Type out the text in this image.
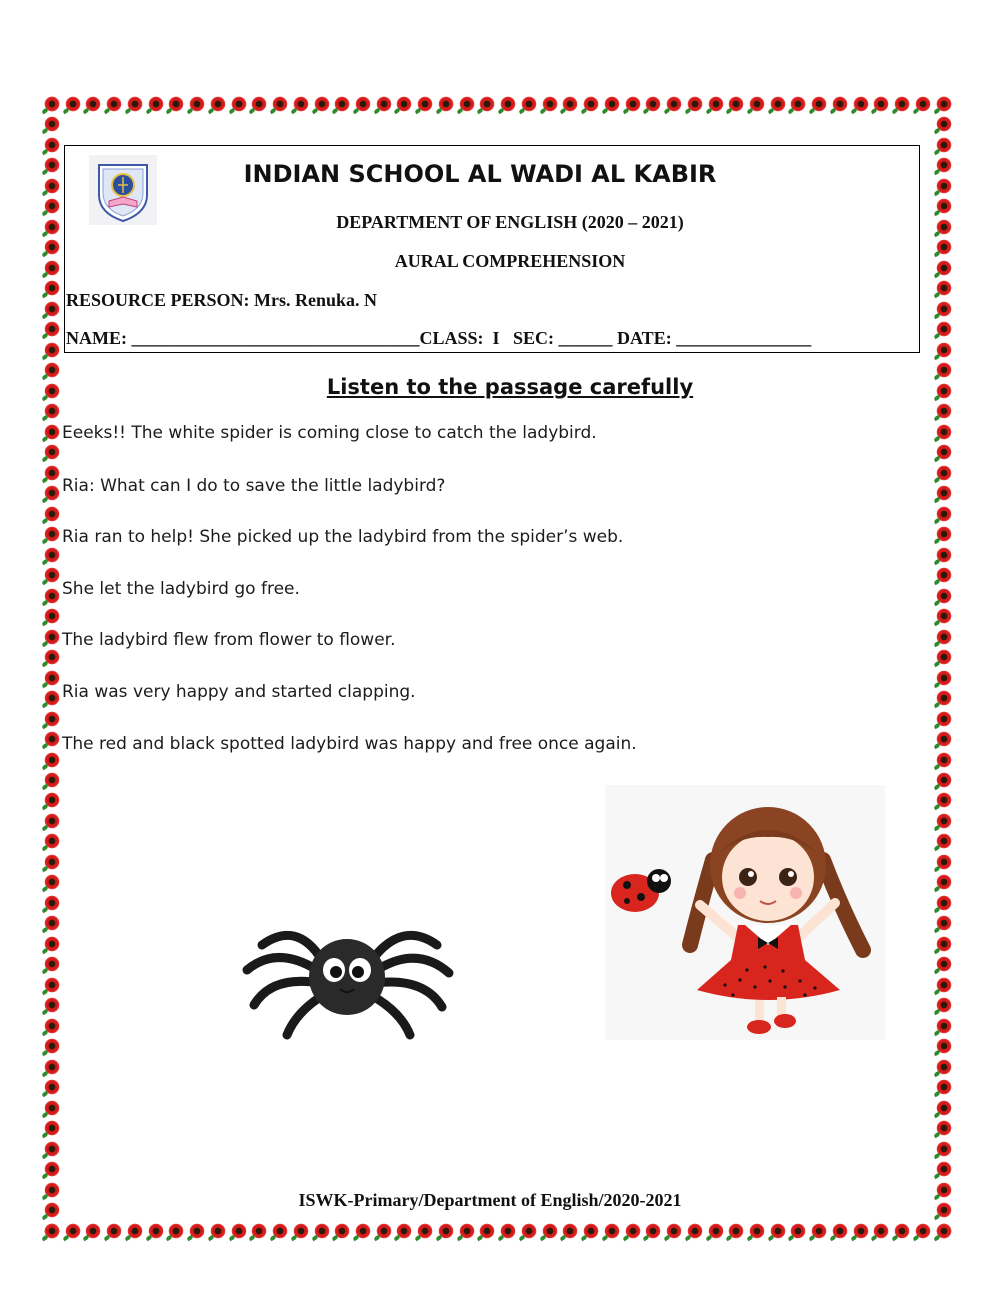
INDIAN SCHOOL AL WADI AL KABIR
DEPARTMENT OF ENGLISH (2020 – 2021)
AURAL COMPREHENSION
RESOURCE PERSON: Mrs. Renuka. N
NAME: ________________________________CLASS:  I   SEC: ______ DATE: _______________
Listen to the passage carefully
Eeeks!! The white spider is coming close to catch the ladybird.
Ria: What can I do to save the little ladybird?
Ria ran to help! She picked up the ladybird from the spider’s web.
She let the ladybird go free.
The ladybird flew from flower to flower.
Ria was very happy and started clapping.
The red and black spotted ladybird was happy and free once again.
ISWK-Primary/Department of English/2020-2021
